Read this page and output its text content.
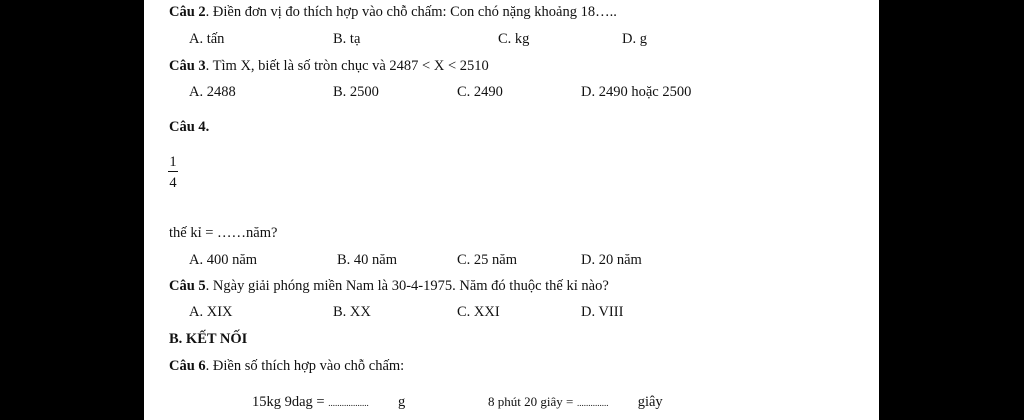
Câu 2. Điền đơn vị đo thích hợp vào chỗ chấm: Con chó nặng khoảng 18…..
A. tấn	B. tạ	C. kg	D. g
Câu 3. Tìm X, biết là số tròn chục và 2487 < X < 2510
A. 2488	B. 2500	C. 2490	D. 2490 hoặc 2500
Câu 4.
1
4
thế kỉ = ……năm?
A. 400 năm	B. 40 năm	C. 25 năm	D. 20 năm
Câu 5. Ngày giải phóng miền Nam là 30-4-1975. Năm đó thuộc thế kỉ nào?
A. XIX	B. XX	C. XXI	D. VIII
B. KẾT NỐI
Câu 6. Điền số thích hợp vào chỗ chấm:
15kg 9dag = .................. g	8 phút 20 giây = .............. giây
